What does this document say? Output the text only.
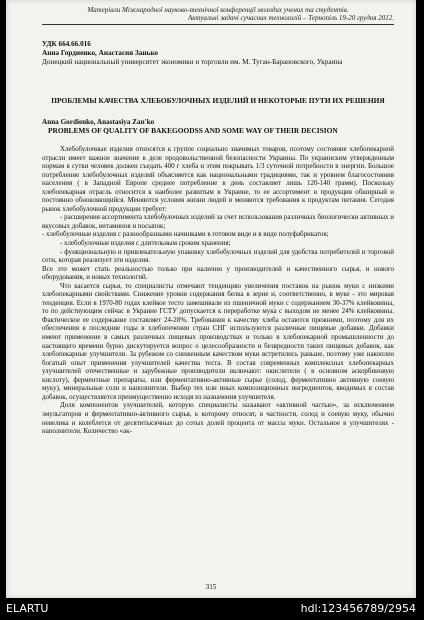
Матеріали Міжнародної науково-технічної конференції молодих учених та студентів.

Актуальні задачі сучасних технологій – Тернопіль 19-20 грудня 2012.
УДК 664.66.016
Анна Гордиенко, Анастасия Занько
Донецкий национальный университет экономики и торговли им. М. Туган-Барановского, Украина
ПРОБЛЕМЫ КАЧЕСТВА ХЛЕБОБУЛОЧНЫХ ИЗДЕЛИЙ И НЕКОТОРЫЕ ПУТИ ИХ РЕШЕНИЯ
Anna Gordienko, Anastasiya Zan'ko
PROBLEMS OF QUALITY OF BAKEGOODSS AND SOME WAY OF THEIR DECISION

Хлебобулочные изделия относятся к группе социально значимых товаров, поэтому состояние хлебопекарной отрасли имеет важное значение в деле продовольственной безопасности Украины. По украинским утвержденным нормам в сутки человек должен съедать 400 г хлеба и этим покрывать 1/3 суточной потребности в энергии. Большое потребление хлебобулочных изделий объясняется как национальными традициями, так и уровнем благосостояния населения ( в Западной Европе среднее потребление в день составляет лишь 120-140 грамм). Поскольку хлебопекарная отрасль относится к наиболее развитым в Украине, то ее ассортимент и продукция обширный и постоянно обновляющийся. Меняются условия жизни людей и меняются требования к продуктам питания. Сегодня рынок хлебобулочной продукции требует:

- расширения ассортимента хлебобулочных изделий за счет использования различных биологически активных и вкусовых добавок, витаминов и посыпок;

- хлебобулочные изделия с разнообразными начинками в готовом виде и в виде полуфабрикатов;

- хлебобулочные изделия с длительным сроком хранения;

- функциональную и привлекательную упаковку хлебобулочных изделий для удобства потребителей и торговой сети, которая реализует эти изделия.

Все это может стать реальностью только при наличии у производителей и качественного сырья, и нового оборудования, и новых технологий.

Что касается сырья, то специалисты отмечают тенденцию увеличения поставок на рынок муки с низкими хлебопекарными свойствами. Снижение уровня содержания белка в зерне и, соответственно, в муке - это мировая тенденция. Если в 1970-80 годах клейкое тесто замешивали из пшеничной муки с содержанием 30-37% клейковины, то по действующим сейчас в Украине ГСТУ допускается к переработке мука с выходом не менее 24% клейковины. Фактическое ее содержание составляет 24-28%. Требования к качеству хлеба остаются прежними, поэтому для их обеспечения в последние годы в хлебопечении стран СНГ используются различные пищевые добавки. Добавки имеют применение в самых различных пищевых производствах и только в хлебопекарной промышленности до настоящего времени бурно дискутируется вопрос о целесообразности и безвредности таких пищевых добавок, как хлебопекарные улучшители. За рубежом со сниженным качеством муки встретились раньше, поэтому уже накоплен богатый опыт применения улучшителей качества теста. В состав современных комплексных хлебопекарных улучшителей отечественные и зарубежные производители включают: окислители ( в основном аскорбиновую кислоту), ферментные препараты, или ферментативно-активные сырье (солод, ферментативно активную соевую муку), минеральные соли и наполнители. Выбор тех или иных композиционных ингредиентов, вводимых в состав добавок, осуществляется преимущественно исходя из назначения улучшителя.

Доля компонентов улучшителей, которую специалисты называют «активной частью», за исключением эмульгаторов и ферментативно-активного сырья, к которому относят, в частности, солод и соевую муку, обычно невелика и колеблется от десятитысячных до сотых долей процента от массы муки. Остальное в улучшителях - наполнители. Количество «ак-

315
ELARTU	hdl:123456789/2954
